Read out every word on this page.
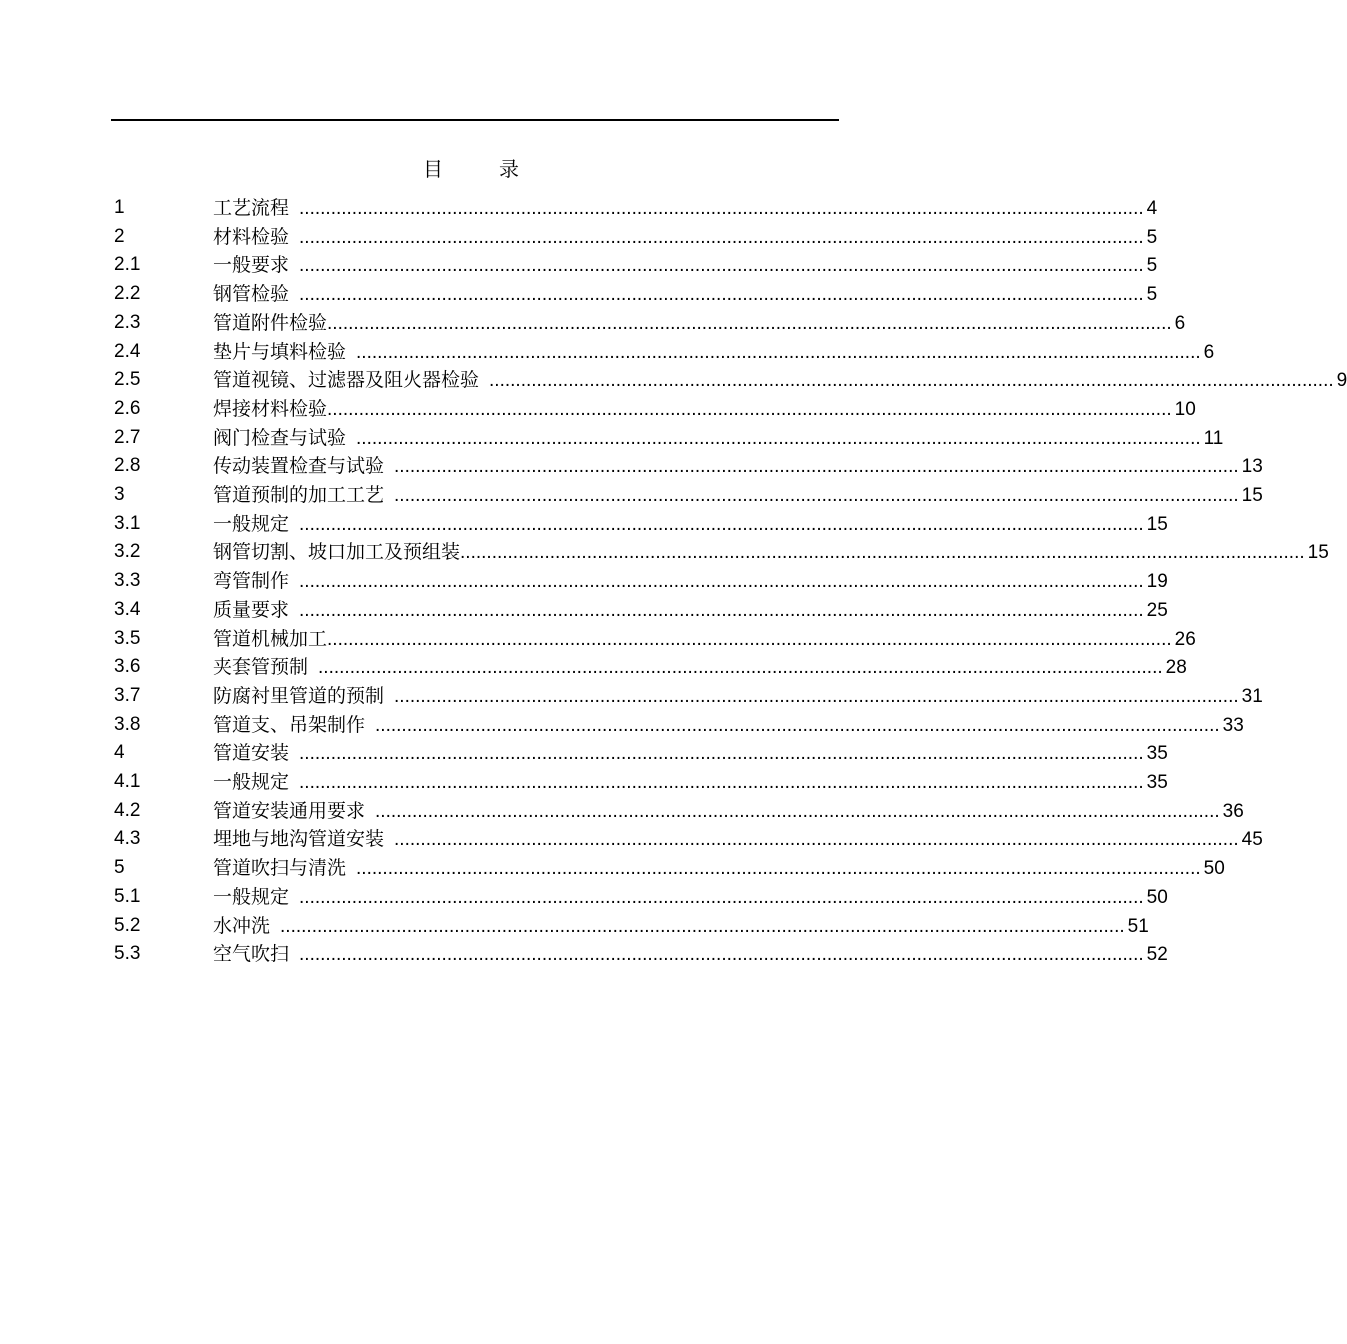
目　录
1	工艺流程 ................................................................................................................................................................ 4
2	材料检验 ................................................................................................................................................................ 5
2.1	一般要求 ................................................................................................................................................................ 5
2.2	钢管检验 ................................................................................................................................................................ 5
2.3	管道附件检验 ................................................................................................................................................................ 6
2.4	垫片与填料检验 ................................................................................................................................................................ 6
2.5	管道视镜、过滤器及阻火器检验 ................................................................................................................................................................ 9
2.6	焊接材料检验 ................................................................................................................................................................ 10
2.7	阀门检查与试验 ................................................................................................................................................................ 11
2.8	传动装置检查与试验 ................................................................................................................................................................ 13
3	管道预制的加工工艺 ................................................................................................................................................................ 15
3.1	一般规定 ................................................................................................................................................................ 15
3.2	钢管切割、坡口加工及预组装 ................................................................................................................................................................ 15
3.3	弯管制作 ................................................................................................................................................................ 19
3.4	质量要求 ................................................................................................................................................................ 25
3.5	管道机械加工 ................................................................................................................................................................ 26
3.6	夹套管预制 ................................................................................................................................................................ 28
3.7	防腐衬里管道的预制 ................................................................................................................................................................ 31
3.8	管道支、吊架制作 ................................................................................................................................................................ 33
4	管道安装 ................................................................................................................................................................ 35
4.1	一般规定 ................................................................................................................................................................ 35
4.2	管道安装通用要求 ................................................................................................................................................................ 36
4.3	埋地与地沟管道安装 ................................................................................................................................................................ 45
5	管道吹扫与清洗 ................................................................................................................................................................ 50
5.1	一般规定 ................................................................................................................................................................ 50
5.2	水冲洗 ................................................................................................................................................................ 51
5.3	空气吹扫 ................................................................................................................................................................ 52
